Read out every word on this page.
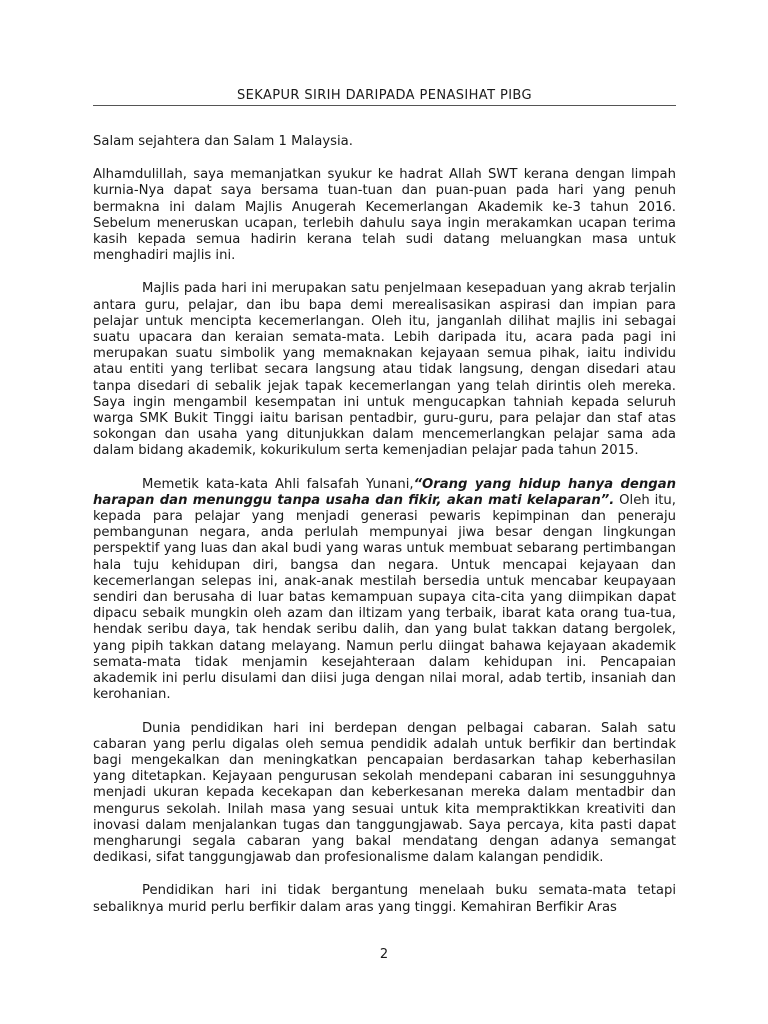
SEKAPUR SIRIH DARIPADA PENASIHAT PIBG

Salam sejahtera dan Salam 1 Malaysia.

Alhamdulillah, saya memanjatkan syukur ke hadrat Allah SWT kerana dengan limpah kurnia-Nya dapat saya bersama tuan-tuan dan puan-puan pada hari yang penuh bermakna ini dalam Majlis Anugerah Kecemerlangan Akademik ke-3 tahun 2016. Sebelum meneruskan ucapan, terlebih dahulu saya ingin merakamkan ucapan terima kasih kepada semua hadirin kerana telah sudi datang meluangkan masa untuk menghadiri majlis ini.

Majlis pada hari ini merupakan satu penjelmaan kesepaduan yang akrab terjalin antara guru, pelajar, dan ibu bapa demi merealisasikan aspirasi dan impian para pelajar untuk mencipta kecemerlangan. Oleh itu, janganlah dilihat majlis ini sebagai suatu upacara dan keraian semata-mata. Lebih daripada itu, acara pada pagi ini merupakan suatu simbolik yang memaknakan kejayaan semua pihak, iaitu individu atau entiti yang terlibat secara langsung atau tidak langsung, dengan disedari atau tanpa disedari di sebalik jejak tapak kecemerlangan yang telah dirintis oleh mereka. Saya ingin mengambil kesempatan ini untuk mengucapkan tahniah kepada seluruh warga SMK Bukit Tinggi iaitu barisan pentadbir, guru-guru, para pelajar dan staf atas sokongan dan usaha yang ditunjukkan dalam mencemerlangkan pelajar sama ada dalam bidang akademik, kokurikulum serta kemenjadian pelajar pada tahun 2015.

Memetik kata-kata Ahli falsafah Yunani,“Orang yang hidup hanya dengan harapan dan menunggu tanpa usaha dan fikir, akan mati kelaparan”. Oleh itu, kepada para pelajar yang menjadi generasi pewaris kepimpinan dan peneraju pembangunan negara, anda perlulah mempunyai jiwa besar dengan lingkungan perspektif yang luas dan akal budi yang waras untuk membuat sebarang pertimbangan hala tuju kehidupan diri, bangsa dan negara. Untuk mencapai kejayaan dan kecemerlangan selepas ini, anak-anak mestilah bersedia untuk mencabar keupayaan sendiri dan berusaha di luar batas kemampuan supaya cita-cita yang diimpikan dapat dipacu sebaik mungkin oleh azam dan iltizam yang terbaik, ibarat kata orang tua-tua, hendak seribu daya, tak hendak seribu dalih, dan yang bulat takkan datang bergolek, yang pipih takkan datang melayang. Namun perlu diingat bahawa kejayaan akademik semata-mata tidak menjamin kesejahteraan dalam kehidupan ini. Pencapaian akademik ini perlu disulami dan diisi juga dengan nilai moral, adab tertib, insaniah dan kerohanian.

Dunia pendidikan hari ini berdepan dengan pelbagai cabaran. Salah satu cabaran yang perlu digalas oleh semua pendidik adalah untuk berfikir dan bertindak bagi mengekalkan dan meningkatkan pencapaian berdasarkan tahap keberhasilan yang ditetapkan. Kejayaan pengurusan sekolah mendepani cabaran ini sesungguhnya menjadi ukuran kepada kecekapan dan keberkesanan mereka dalam mentadbir dan mengurus sekolah. Inilah masa yang sesuai untuk kita mempraktikkan kreativiti dan inovasi dalam menjalankan tugas dan tanggungjawab. Saya percaya, kita pasti dapat mengharungi segala cabaran yang bakal mendatang dengan adanya semangat dedikasi, sifat tanggungjawab dan profesionalisme dalam kalangan pendidik.

Pendidikan hari ini tidak bergantung menelaah buku semata-mata tetapi sebaliknya murid perlu berfikir dalam aras yang tinggi. Kemahiran Berfikir Aras

2
